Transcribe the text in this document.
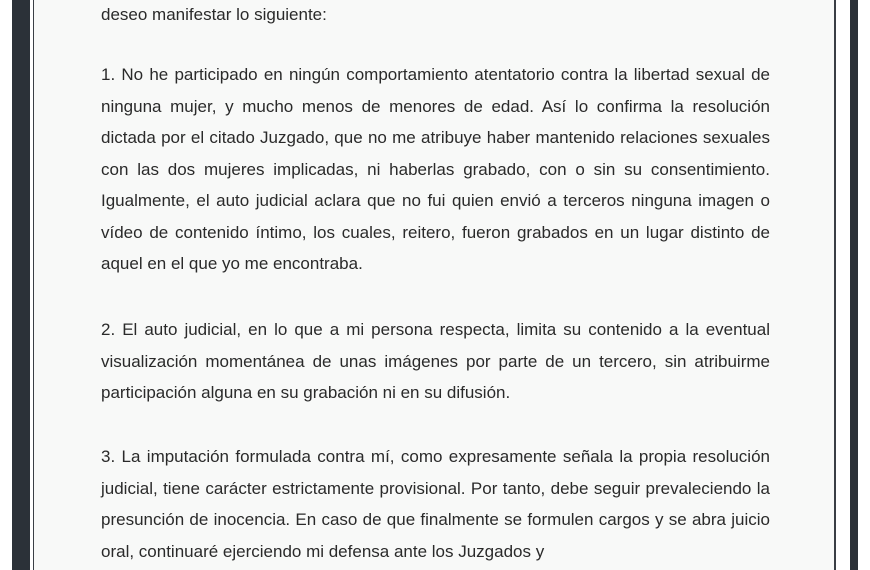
deseo manifestar lo siguiente:

1. No he participado en ningún comportamiento atentatorio contra la libertad sexual de ninguna mujer, y mucho menos de menores de edad. Así lo confirma la resolución dictada por el citado Juzgado, que no me atribuye haber mantenido relaciones sexuales con las dos mujeres implicadas, ni haberlas grabado, con o sin su consentimiento. Igualmente, el auto judicial aclara que no fui quien envió a terceros ninguna imagen o vídeo de contenido íntimo, los cuales, reitero, fueron grabados en un lugar distinto de aquel en el que yo me encontraba.

2. El auto judicial, en lo que a mi persona respecta, limita su contenido a la eventual visualización momentánea de unas imágenes por parte de un tercero, sin atribuirme participación alguna en su grabación ni en su difusión.

3. La imputación formulada contra mí, como expresamente señala la propia resolución judicial, tiene carácter estrictamente provisional. Por tanto, debe seguir prevaleciendo la presunción de inocencia. En caso de que finalmente se formulen cargos y se abra juicio oral, continuaré ejerciendo mi defensa ante los Juzgados y
